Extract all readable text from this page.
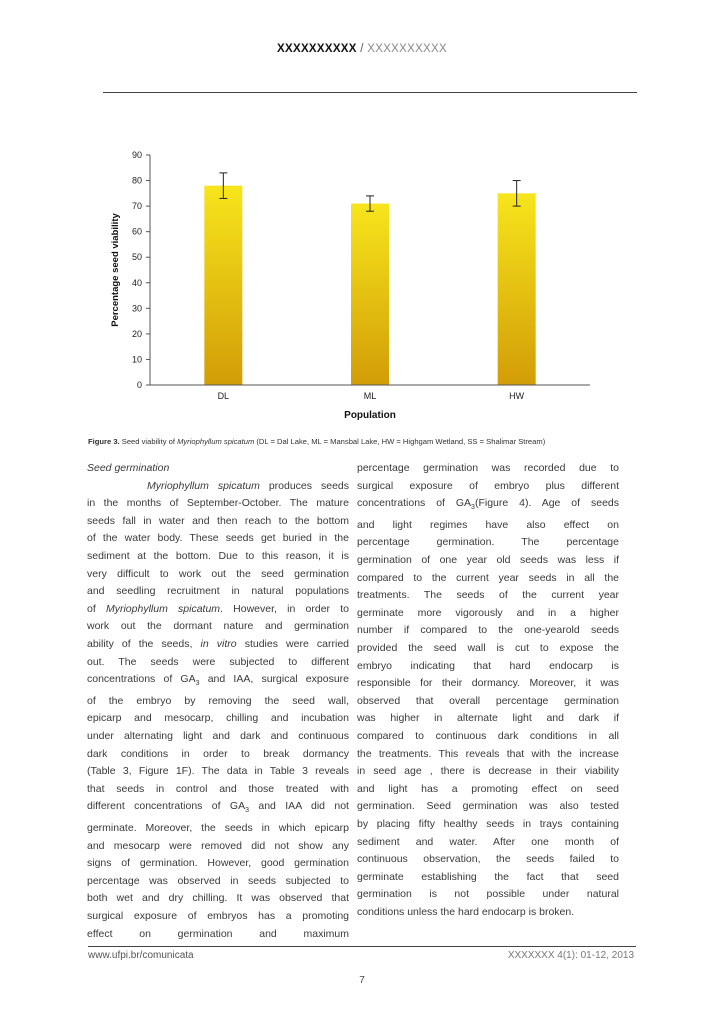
XXXXXXXXXX / XXXXXXXXXX
0
10
20
30
40
50
60
70
80
90
DL	ML	HW
Population
Percentage seed viability
Figure 3. Seed viability of Myriophyllum spicatum (DL = Dal Lake, ML = Mansbal Lake, HW = Highgam Wetland, SS = Shalimar Stream)

Seed germination

Myriophyllum spicatum produces seeds
in the months of September-October. The mature
seeds fall in water and then reach to the bottom
of the water body. These seeds get buried in the
sediment at the bottom. Due to this reason, it is
very difficult to work out the seed germination
and seedling recruitment in natural populations
of Myriophyllum spicatum. However, in order to
work out the dormant nature and germination
ability of the seeds, in vitro studies were carried
out. The seeds were subjected to different
concentrations of $GA_3$ and IAA, surgical exposure
of the embryo by removing the seed wall,
epicarp and mesocarp, chilling and incubation
under alternating light and dark and continuous
dark conditions in order to break dormancy
(Table 3, Figure 1F). The data in Table 3 reveals
that seeds in control and those treated with
different concentrations of $GA_3$ and IAA did not
germinate. Moreover, the seeds in which epicarp
and mesocarp were removed did not show any
signs of germination. However, good germination
percentage was observed in seeds subjected to
both wet and dry chilling. It was observed that
surgical exposure of embryos has a promoting
effect on germination and maximum
percentage germination was recorded due to
surgical exposure of embryo plus different
concentrations of $GA_3(Figure$ 4). Age of seeds
and light regimes have also effect on
percentage germination. The percentage
germination of one year old seeds was less if
compared to the current year seeds in all the
treatments. The seeds of the current year
germinate more vigorously and in a higher
number if compared to the one-yearold seeds
provided the seed wall is cut to expose the
embryo indicating that hard endocarp is
responsible for their dormancy. Moreover, it was
observed that overall percentage germination
was higher in alternate light and dark if
compared to continuous dark conditions in all
the treatments. This reveals that with the increase
in seed age , there is decrease in their viability
and light has a promoting effect on seed
germination. Seed germination was also tested
by placing fifty healthy seeds in trays containing
sediment and water. After one month of
continuous observation, the seeds failed to
germinate establishing the fact that seed
germination is not possible under natural
conditions unless the hard endocarp is broken.
www.ufpi.br/comunicata	XXXXXXX 4(1): 01-12, 2013
7
